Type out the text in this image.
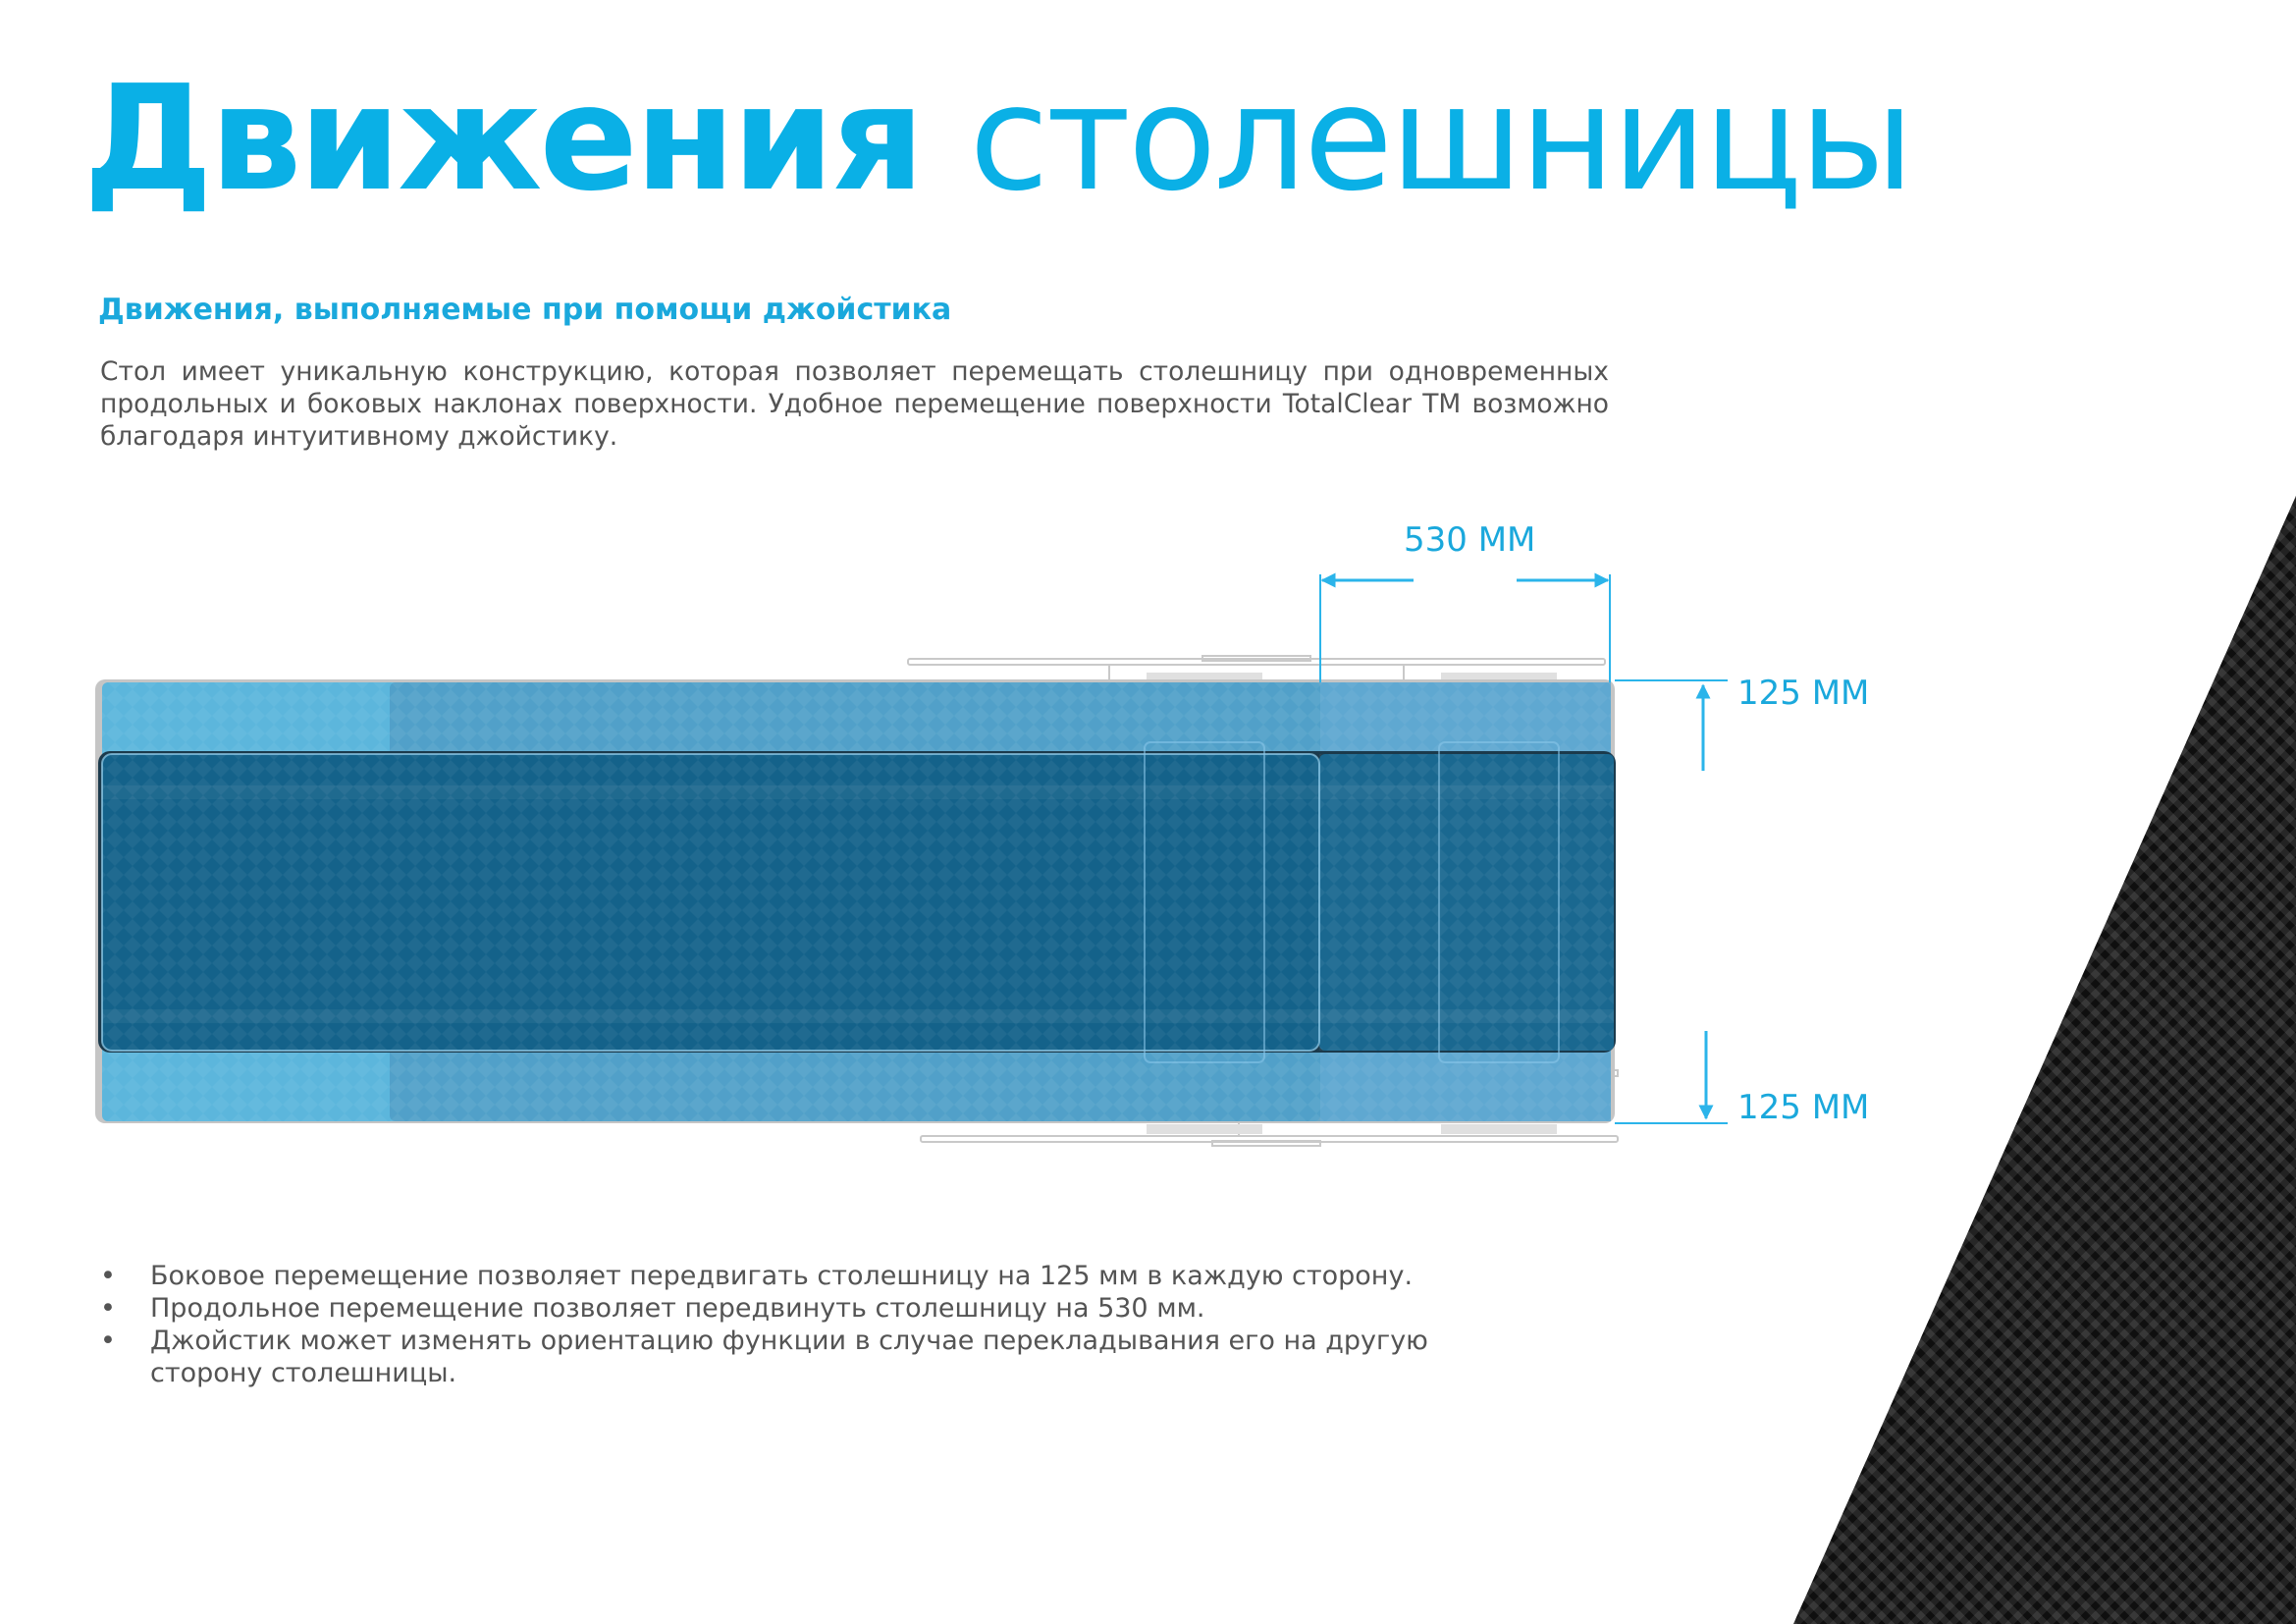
Движения столешницы
Движения, выполняемые при помощи джойстика

Стол имеет уникальную конструкцию, которая позволяет перемещать столешницу при одновременных продольных и боковых наклонах поверхности. Удобное перемещение поверхности TotalClear TM возможно благодаря интуитивному джойстику.

530 MM
125 MM
125 MM
• Боковое перемещение позволяет передвигать столешницу на 125 мм в каждую сторону.
• Продольное перемещение позволяет передвинуть столешницу на 530 мм.
• Джойстик может изменять ориентацию функции в случае перекладывания его на другую сторону столешницы.
